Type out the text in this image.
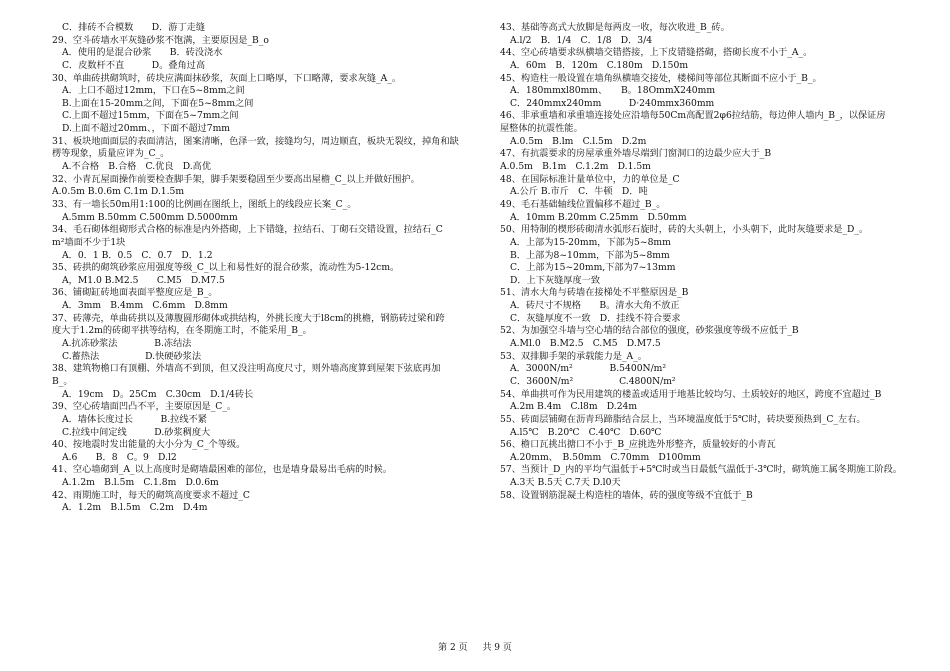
C．排砖不合模数　　D．游丁走缝
29、空斗砖墙水平灰缝砂浆不饱满，主要原因是_B_o
A．使用的是混合砂浆　　B．砖没浇水
C．皮数杆不直　　　D。叠角过高
30、单曲砖拱砌筑时，砖块应满面抹砂浆，灰面上口略厚，下口略薄，要求灰缝_A_。
A．上口不超过12mm，下口在5~8mm之间
B.上面在15-20mm之间，下面在5~8mm之间
C.上面不超过15mm，下面在5~7mm之间
D.上面不超过20mm、，下面不超过7mm
31、板块地面面层的表面清洁，图案清晰，色泽一致，接缝均匀，周边顺直，板块无裂纹，掉角和缺
楞等现象，质量应评为_C_。
A.不合格　B.合格　C.优良　D.高优
32、小青瓦屋面操作前要检查脚手架，脚手架要稳固至少要高出屋檐_C_以上并做好围护。
A.0.5m B.0.6m C.1m D.1.5m
33、有一墙长50m用1:100的比例画在图纸上，图纸上的线段应长案_C_。
A.5mm B.50mm C.500mm D.5000mm
34、毛石砌体组砌形式合格的标准是内外搭砌，上下错缝，拉结石、丁砌石交错设置，拉结石_C
m²墙面不少于1块
A．0．1 B．0.5　C．0.7　D．1.2
35、砖拱的砌筑砂浆应用强度等级_C_以上和易性好的混合砂浆，流动性为5-12cm。
A，M1.0 B.M2.5　　C.M5　D.M7.5
36、铺砌缸砖地面表面平整度应是_B_。
A．3mm　B.4mm　C.6mm　D.8mm
37、砖薄壳，单曲砖拱以及薄腹圆形砌体或拱结构，外挑长度大于l8cm的挑檐，钢筋砖过梁和跨
度大于1.2m的砖砌平拱等结构，在冬期施工时，不能采用_B_。
A.抗冻砂浆法　　　　B.冻结法
C.蓄热法　　　　　D.快硬砂浆法
38、建筑物檐口有顶棚、外墙高不到顶，但又没注明高度尺寸，则外墙高度算到屋架下弦底再加
B_。
A．19cm　D。25Cm　C.30cm　D.1/4砖长
39、空心砖墙面凹凸不平，主要原因是_C_。
A．墙体长度过长　　　B.拉线不紧
C.拉线中间定线　　　D.砂浆稠度大
40、按地震时发出能量的大小分为_C_个等级。
A.6　　B．8　C。9　D.l2
41、空心墙砌到_A_以上高度时是砌墙最困难的部位，也是墙身最易出毛病的时候。
A.1.2m　B.l.5m　C.1.8m　D.0.6m
42、雨期施工时，每天的砌筑高度要求不超过_C
A．1.2m　B.l.5m　C.2m　D.4m
43、基础等高式大放脚是每两皮一收，每次收进_B_砖。
A.l/2　B．1/4　C．1/8　D．3/4
44、空心砖墙要求纵横墙交错搭接，上下皮错缝搭砌，搭砌长度不小于_A_。
A．60m　B．120m　C.180m　D.150m
45、构造柱一般设置在墙角纵横墙交接处，楼梯间等部位其断面不应小于_B_。
A．180mmxl80mm、　　B。18OmmX240mm
C．240mmx240mm　　　D·240mmx360mm
46、非承重墙和承重墙连接处应沿墙每50Cm高配置2φ6拉结筋，每边伸人墙内_B_，以保证房
屋整体的抗震性能。
A.0.5m　B.lm　C.l.5m　D.2m
47、有抗震要求的房屋承重外墙尽端到门窗洞口的边最少应大于_B
A.0.5m　B.1m　C.1.2m　D.1.5m
48、在国际标准计量单位中，力的单位是_C
A.公斤 B.市斤　C．牛顿　D．吨
49、毛石基础轴线位置偏移不超过_B_。
A．10mm B.20mm C.25mm　D.50mm
50、用特制的楔形砖砌清水弧形石旋时，砖的大头朝上，小头朝下，此时灰缝要求是_D_。
A．上部为15-20mm，下部为5~8mm
B．上部为8~10mm，下部为5~8mm
C．上部为15~20mm,下部为7~13mm
D．上下灰缝厚度一致
51、清水大角与砖墙在接梯处不平整原因是_B
A．砖尺寸不规格　　B。清水大角不放正
C．灰缝厚度不一致　D．挂线不符合要求
52、为加强空斗墙与空心墙的结合部位的强度，砂浆强度等级不应低于_B
A.Ml.0　B.M2.5　C.M5　D.M7.5
53、双排脚手架的承载能力是_A_。
A．3000N/m²　　　　B.5400N/m²
C．3600N/m²　　　　　C.4800N/m²
54、单曲拱可作为民用建筑的楼盖或适用于地基比较均匀、土质较好的地区，跨度不宜超过_B
A.2m B.4m　C.l8m　D.24m
55、砖面层铺砌在沥青玛蹄脂结合层上，当环境温度低于5℃时，砖块要预热到_C_左右。
A.l5℃　B.20℃　C.40℃　D.60℃
56、檐口瓦挑出搪口不小于_B_应挑选外形整齐，质量较好的小青瓦
A.20mm、　B.50mm　C.70mm　D100mm
57、当预计_D_内的平均气温低于+5℃时或当日最低气温低于-3℃时，砌筑施工属冬期施工阶段。
A.3天 B.5天 C.7天 D.l0天
58、设置钢筋混凝土构造柱的墙体，砖的强度等级不宜低于_B
第 2 页 共 9 页
